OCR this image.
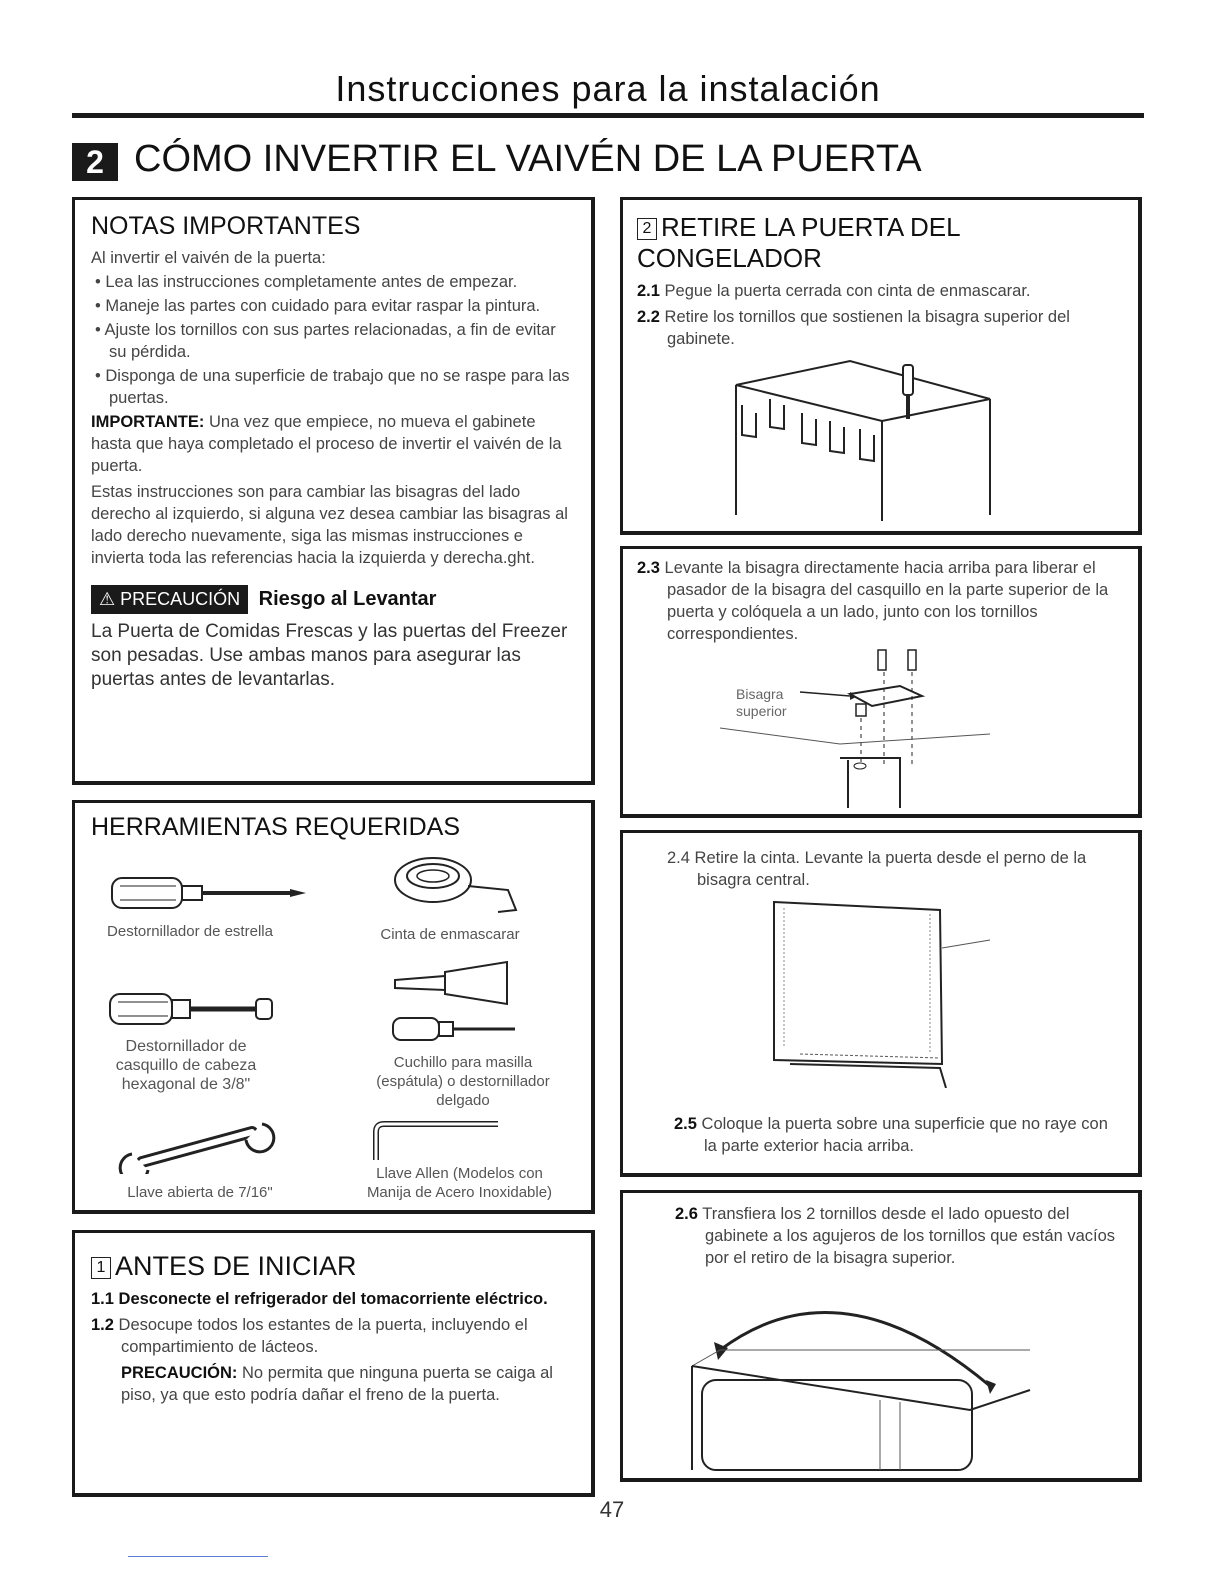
Instrucciones para la instalación
2 CÓMO INVERTIR EL VAIVÉN DE LA PUERTA
NOTAS IMPORTANTES

Al invertir el vaivén de la puerta:

• Lea las instrucciones completamente antes de empezar.
• Maneje las partes con cuidado para evitar raspar la pintura.
• Ajuste los tornillos con sus partes relacionadas, a fin de evitar su pérdida.
• Disponga de una superficie de trabajo que no se raspe para las puertas.

IMPORTANTE: Una vez que empiece, no mueva el gabinete hasta que haya completado el proceso de invertir el vaivén de la puerta.

Estas instrucciones son para cambiar las bisagras del lado derecho al izquierdo, si alguna vez desea cambiar las bisagras al lado derecho nuevamente, siga las mismas instrucciones e invierta toda las referencias hacia la izquierda y derecha.ght.

⚠ PRECAUCIÓN Riesgo al Levantar
La Puerta de Comidas Frescas y las puertas del Freezer son pesadas. Use ambas manos para asegurar las puertas antes de levantarlas.
HERRAMIENTAS REQUERIDAS
Destornillador de estrella	Cinta de enmascarar
Destornillador de casquillo de cabeza hexagonal de 3/8"
Cuchillo para masilla (espátula) o destornillador delgado
Llave abierta de 7/16"
Llave Allen (Modelos con Manija de Acero Inoxidable)
1 ANTES DE INICIAR

1.1 Desconecte el refrigerador del tomacorriente eléctrico.

1.2 Desocupe todos los estantes de la puerta, incluyendo el compartimiento de lácteos.

PRECAUCIÓN: No permita que ninguna puerta se caiga al piso, ya que esto podría dañar el freno de la puerta.

2 RETIRE LA PUERTA DEL CONGELADOR

2.1 Pegue la puerta cerrada con cinta de enmascarar.

2.2 Retire los tornillos que sostienen la bisagra superior del gabinete.

2.3 Levante la bisagra directamente hacia arriba para liberar el pasador de la bisagra del casquillo en la parte superior de la puerta y colóquela a un lado, junto con los tornillos correspondientes.

Bisagra superior

2.4 Retire la cinta. Levante la puerta desde el perno de la bisagra central.

2.5 Coloque la puerta sobre una superficie que no raye con la parte exterior hacia arriba.

2.6 Transfiera los 2 tornillos desde el lado opuesto del gabinete a los agujeros de los tornillos que están vacíos por el retiro de la bisagra superior.

47
